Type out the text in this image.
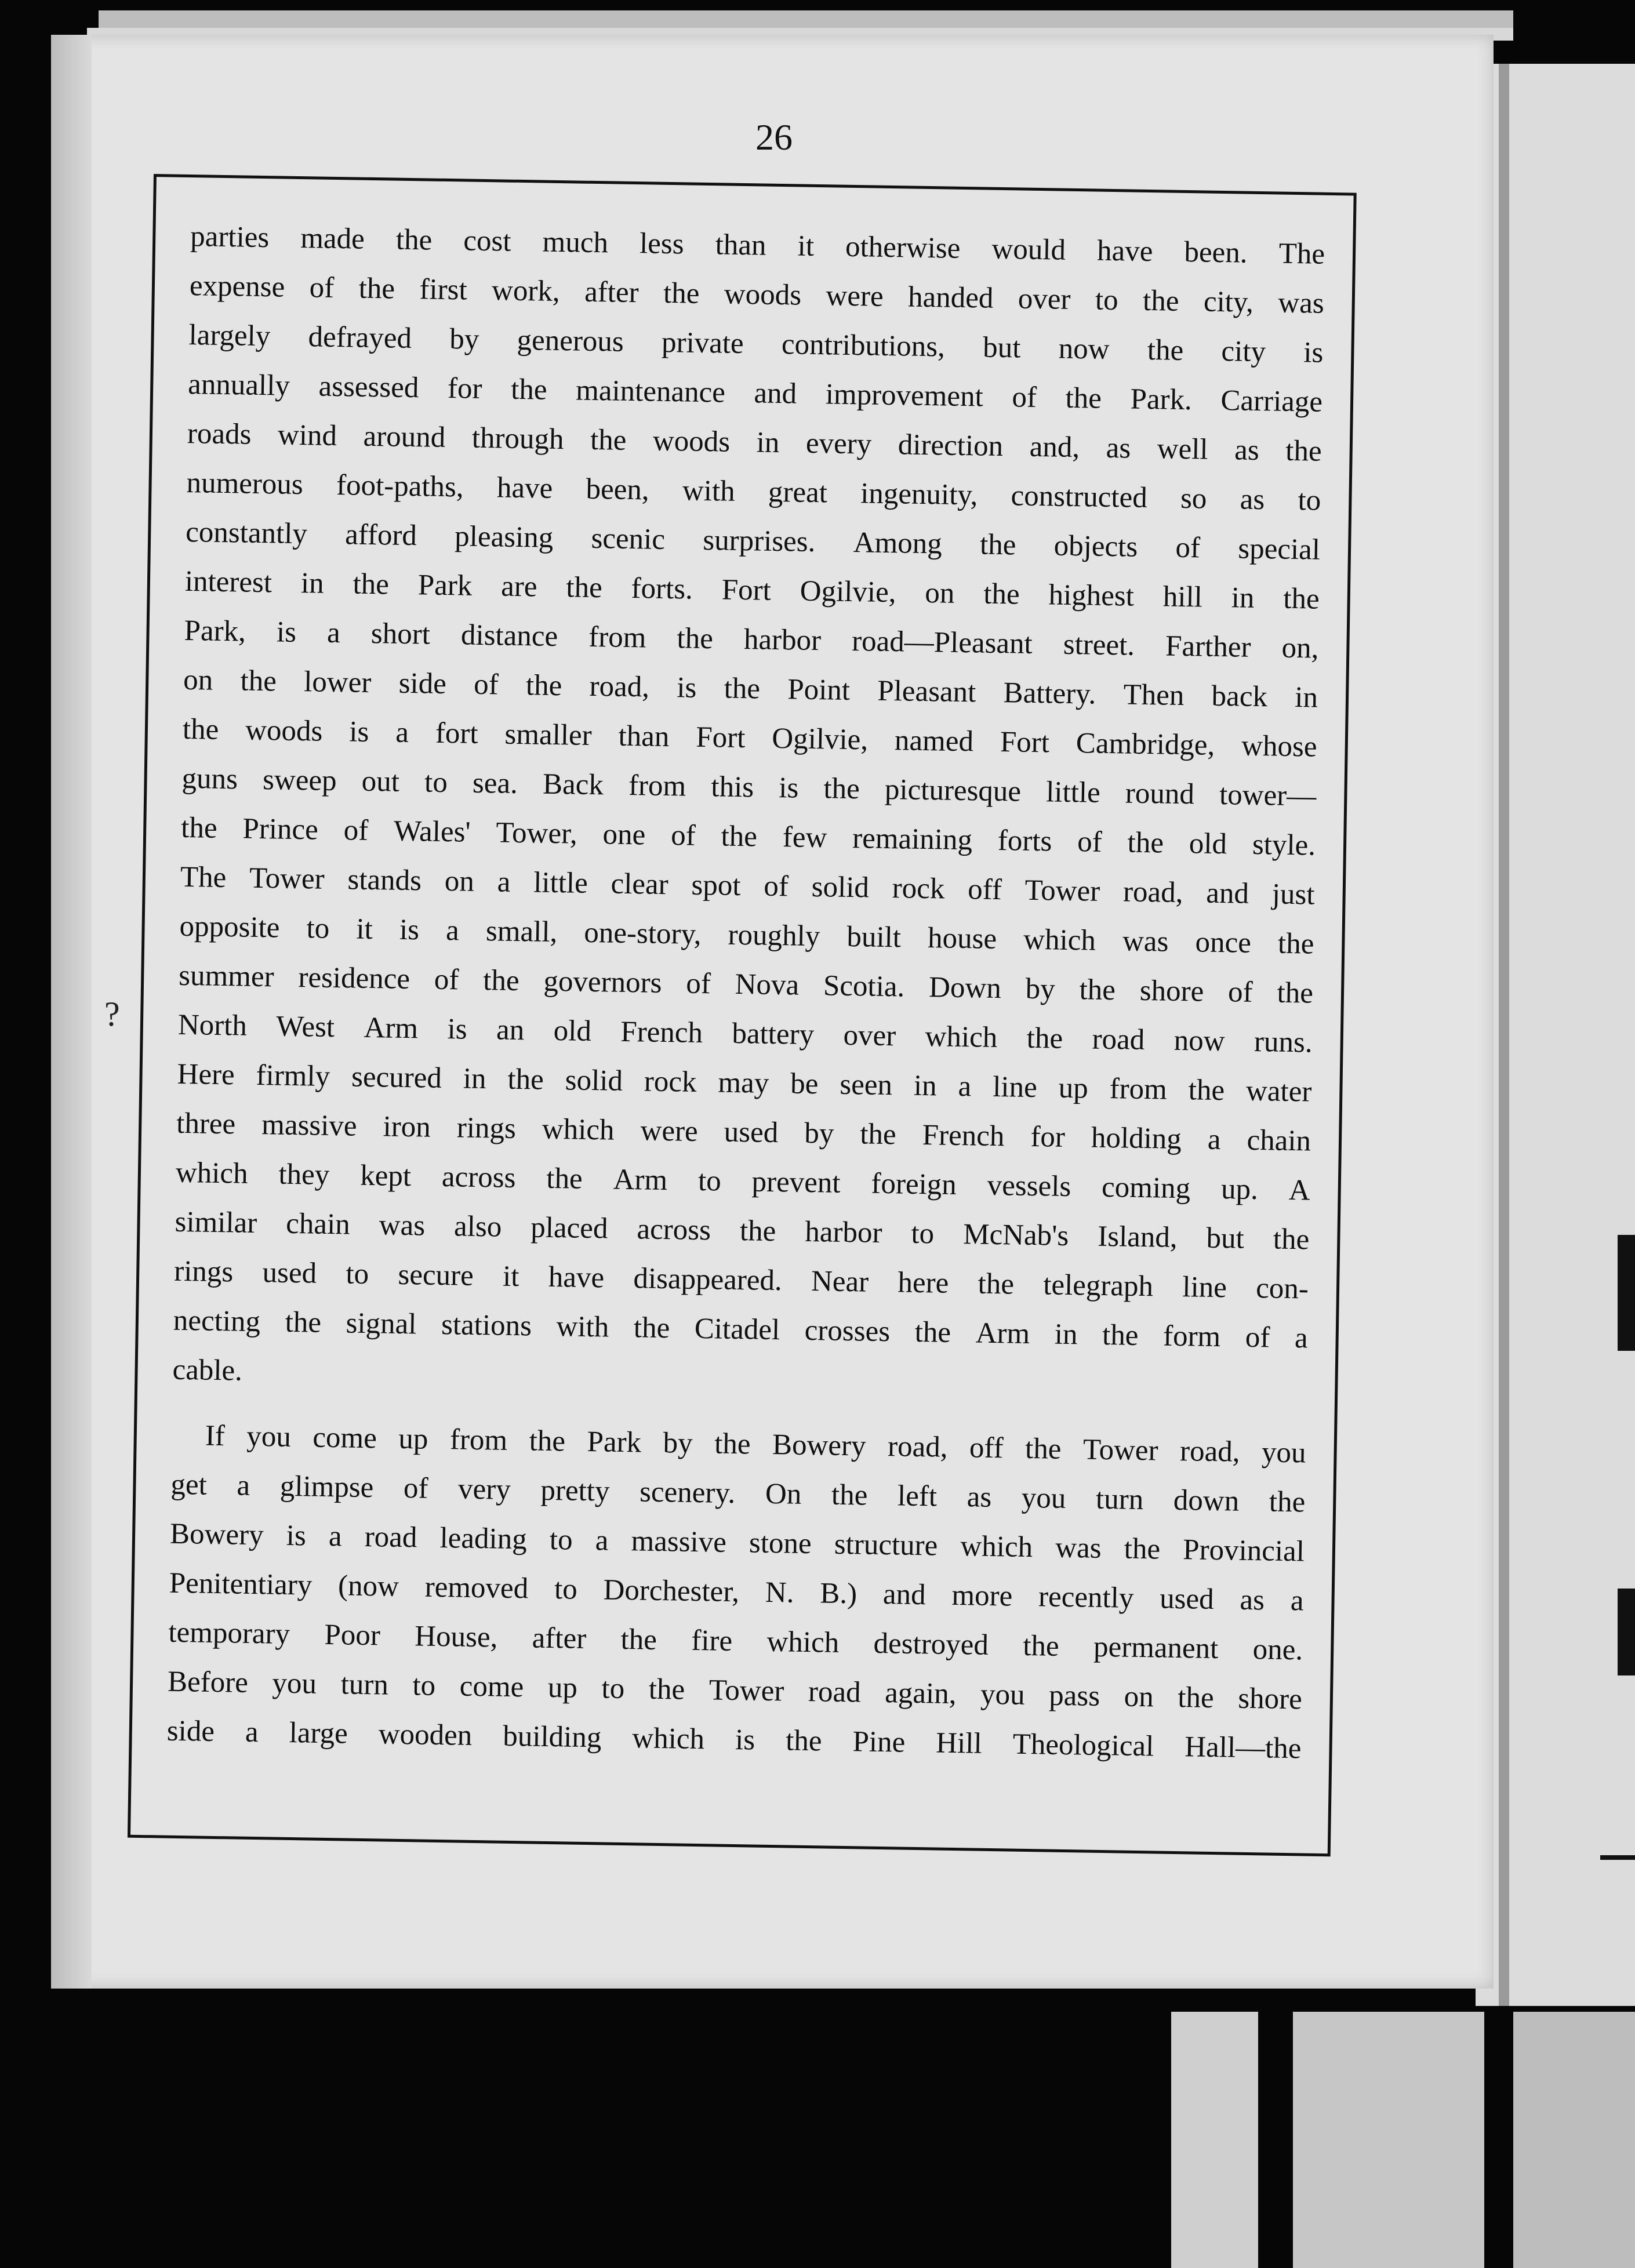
26
?
parties made the cost much less than it otherwise would have been. The
expense of the first work, after the woods were handed over to the city, was
largely defrayed by generous private contributions, but now the city is
annually assessed for the maintenance and improvement of the Park. Carriage
roads wind around through the woods in every direction and, as well as the
numerous foot-paths, have been, with great ingenuity, constructed so as to
constantly afford pleasing scenic surprises. Among the objects of special
interest in the Park are the forts. Fort Ogilvie, on the highest hill in the
Park, is a short distance from the harbor road—Pleasant street. Farther on,
on the lower side of the road, is the Point Pleasant Battery. Then back in
the woods is a fort smaller than Fort Ogilvie, named Fort Cambridge, whose
guns sweep out to sea. Back from this is the picturesque little round tower—
the Prince of Wales' Tower, one of the few remaining forts of the old style.
The Tower stands on a little clear spot of solid rock off Tower road, and just
opposite to it is a small, one-story, roughly built house which was once the
summer residence of the governors of Nova Scotia. Down by the shore of the
North West Arm is an old French battery over which the road now runs.
Here firmly secured in the solid rock may be seen in a line up from the water
three massive iron rings which were used by the French for holding a chain
which they kept across the Arm to prevent foreign vessels coming up. A
similar chain was also placed across the harbor to McNab's Island, but the
rings used to secure it have disappeared. Near here the telegraph line con-
necting the signal stations with the Citadel crosses the Arm in the form of a
cable.
If you come up from the Park by the Bowery road, off the Tower road, you
get a glimpse of very pretty scenery. On the left as you turn down the
Bowery is a road leading to a massive stone structure which was the Provincial
Penitentiary (now removed to Dorchester, N. B.) and more recently used as a
temporary Poor House, after the fire which destroyed the permanent one.
Before you turn to come up to the Tower road again, you pass on the shore
side a large wooden building which is the Pine Hill Theological Hall—the
